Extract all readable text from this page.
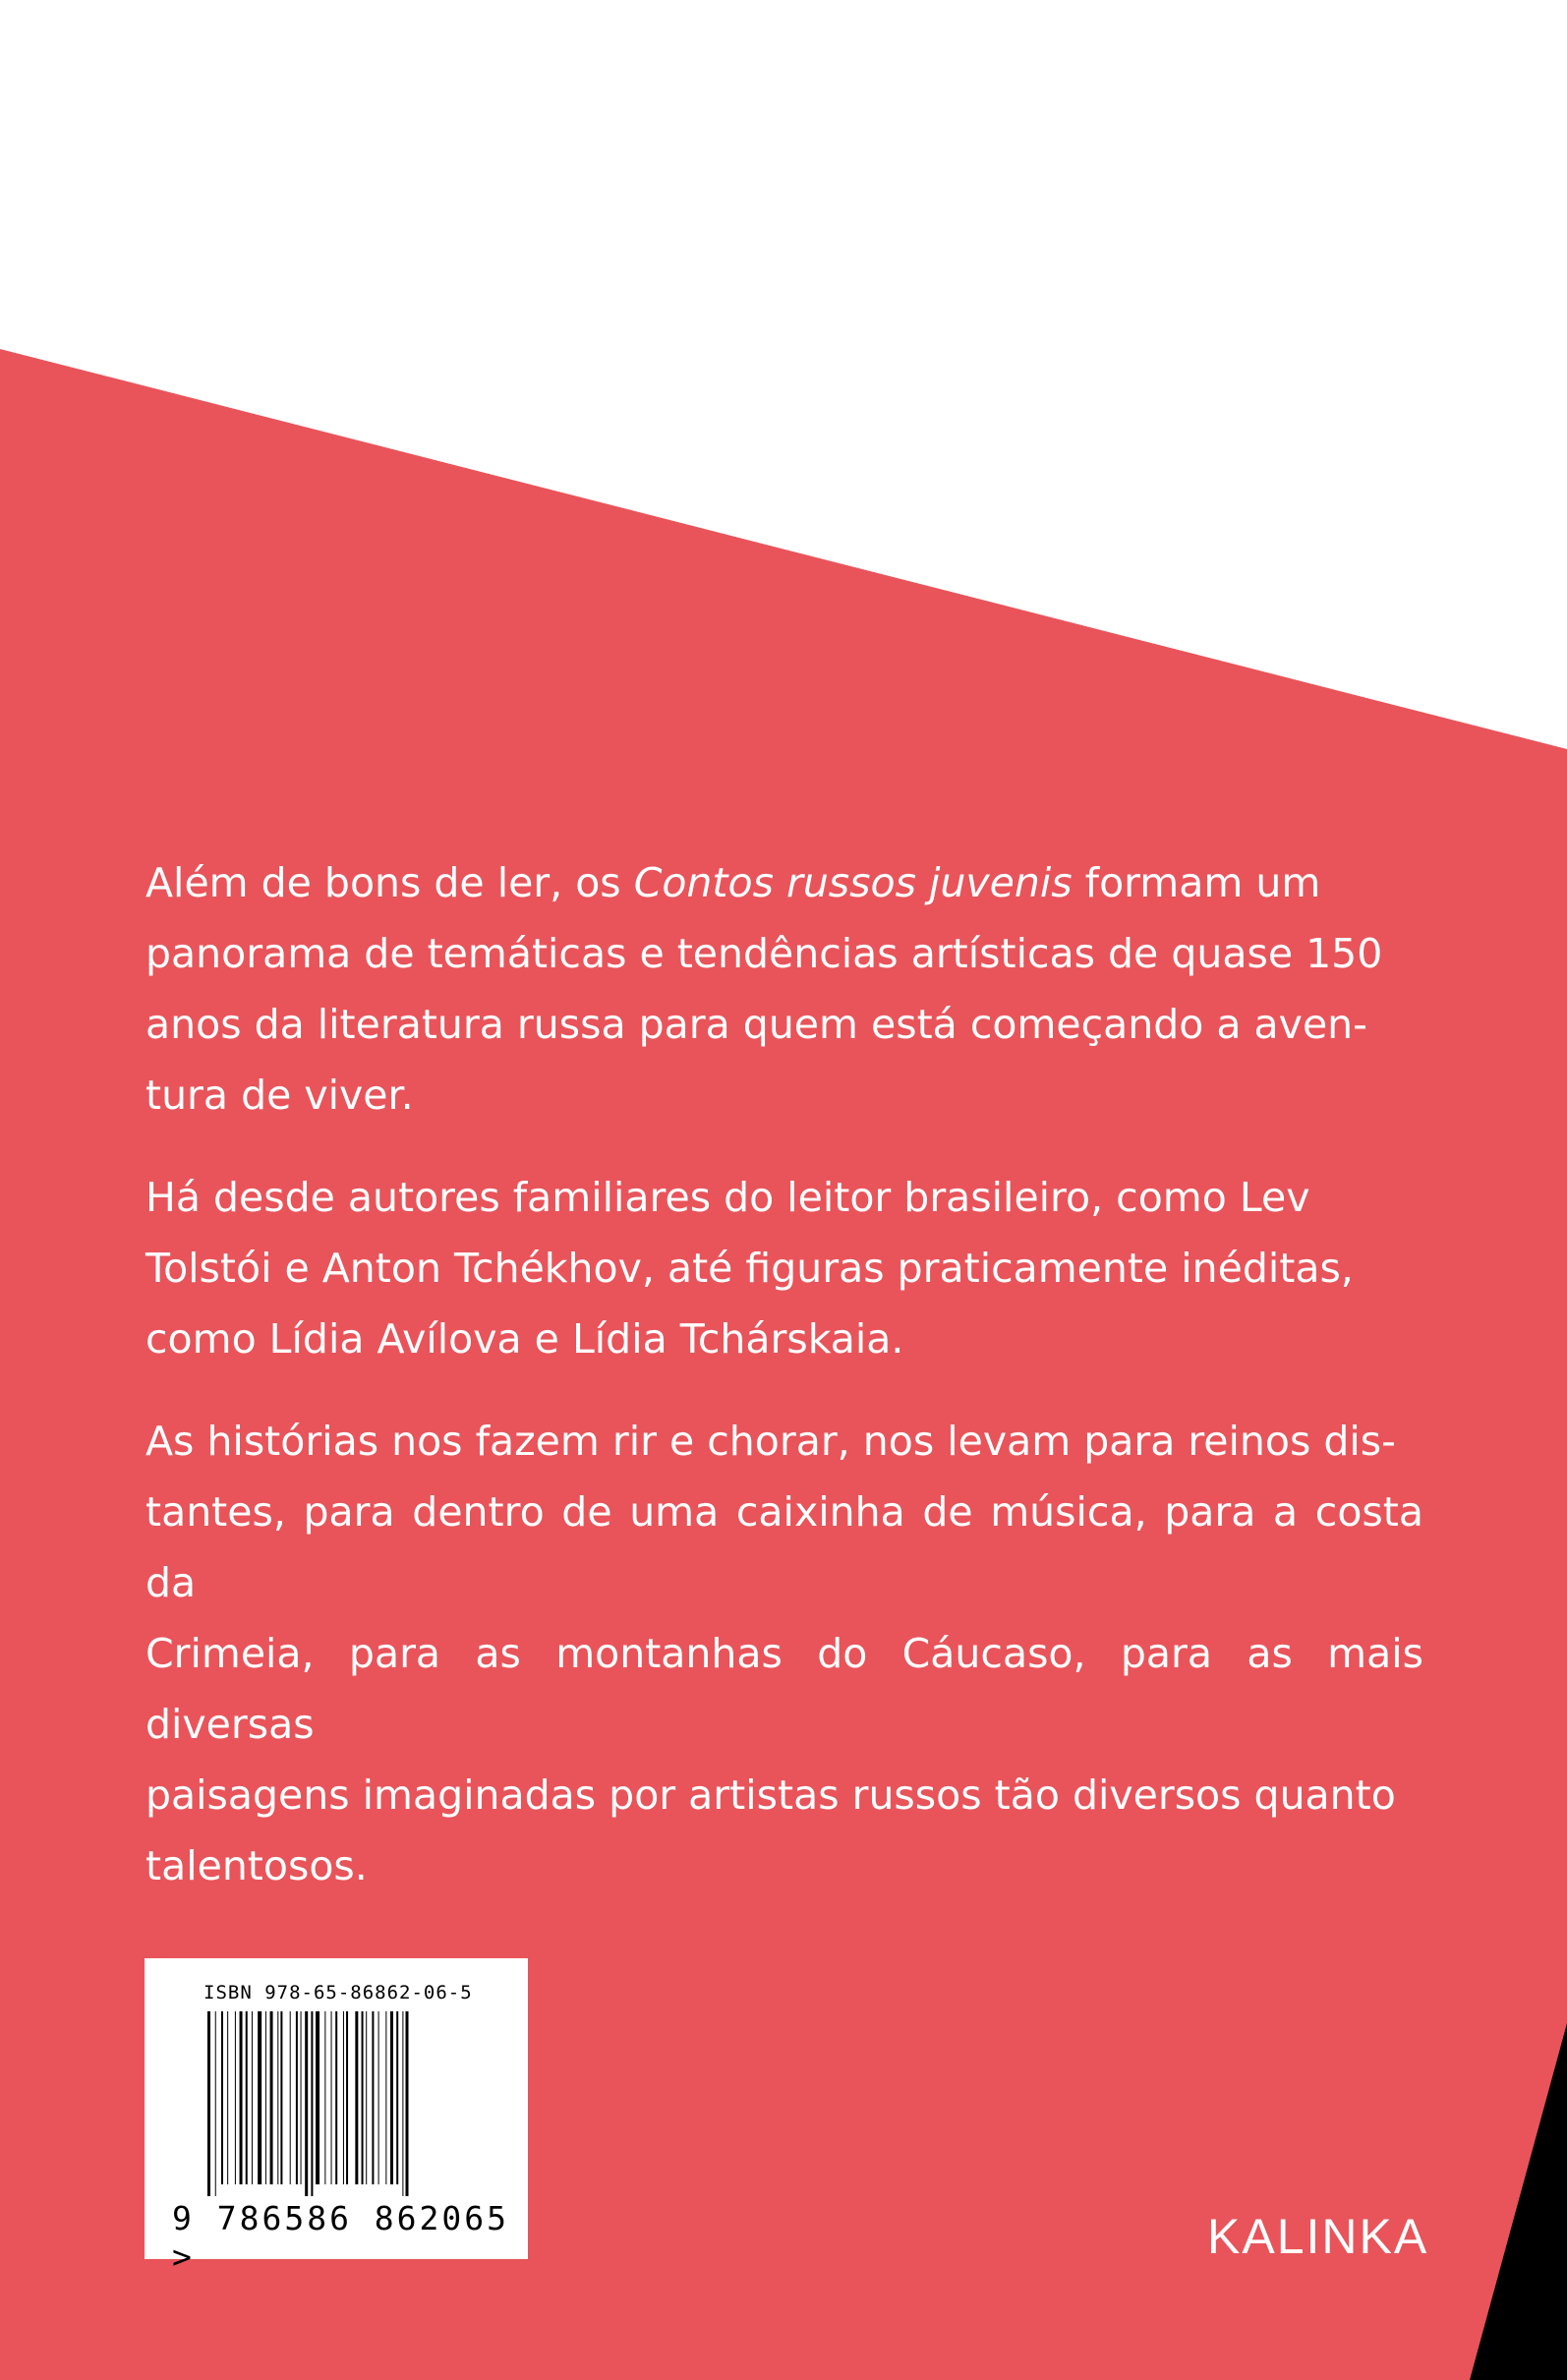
Além de bons de ler, os Contos russos juvenis formam um
panorama de temáticas e tendências artísticas de quase 150
anos da literatura russa para quem está começando a aven-
tura de viver.

Há desde autores familiares do leitor brasileiro, como Lev
Tolstói e Anton Tchékhov, até figuras praticamente inéditas,
como Lídia Avílova e Lídia Tchárskaia.

As histórias nos fazem rir e chorar, nos levam para reinos dis-
tantes, para dentro de uma caixinha de música, para a costa da
Crimeia, para as montanhas do Cáucaso, para as mais diversas
paisagens imaginadas por artistas russos tão diversos quanto
talentosos.

ISBN 978-65-86862-06-5
9 786586 862065 >	KALINKA
